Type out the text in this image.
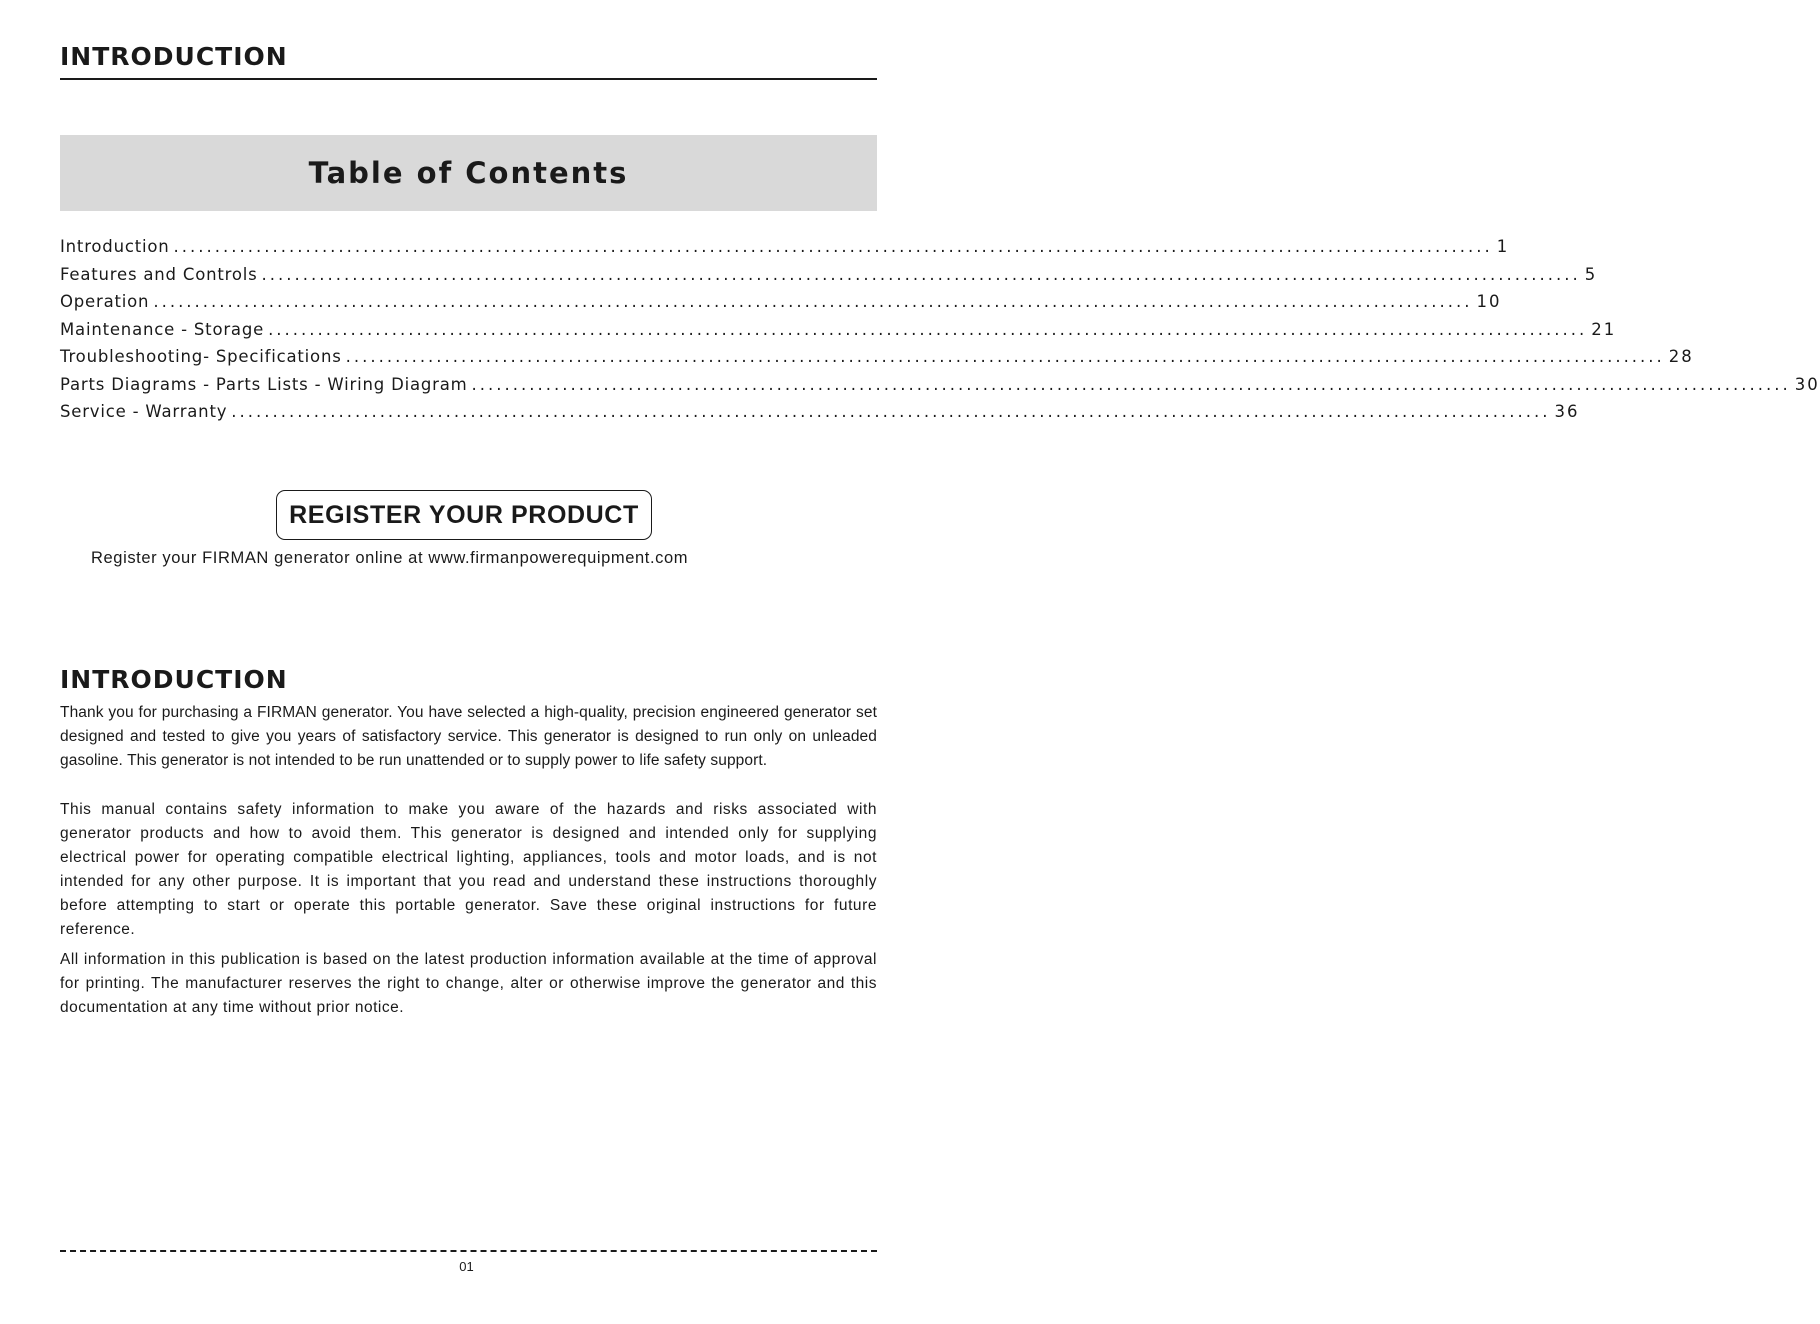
INTRODUCTION
Table of Contents
Introduction ................................................................................................................................................................ 1
Features and Controls ................................................................................................................................................................ 5
Operation ................................................................................................................................................................ 10
Maintenance - Storage ................................................................................................................................................................ 21
Troubleshooting- Specifications ................................................................................................................................................................ 28
Parts Diagrams - Parts Lists - Wiring Diagram ................................................................................................................................................................ 30
Service - Warranty ................................................................................................................................................................ 36
REGISTER YOUR PRODUCT
Register your FIRMAN generator online at www.firmanpowerequipment.com
INTRODUCTION

Thank you for purchasing a FIRMAN generator. You have selected a high-quality, precision engineered generator set designed and tested to give you years of satisfactory service. This generator is designed to run only on unleaded gasoline. This generator is not intended to be run unattended or to supply power to life safety support.

This manual contains safety information to make you aware of the hazards and risks associated with generator products and how to avoid them. This generator is designed and intended only for supplying electrical power for operating compatible electrical lighting, appliances, tools and motor loads, and is not intended for any other purpose. It is important that you read and understand these instructions thoroughly before attempting to start or operate this portable generator. Save these original instructions for future reference.

All information in this publication is based on the latest production information available at the time of approval for printing. The manufacturer reserves the right to change, alter or otherwise improve the generator and this documentation at any time without prior notice.

01
